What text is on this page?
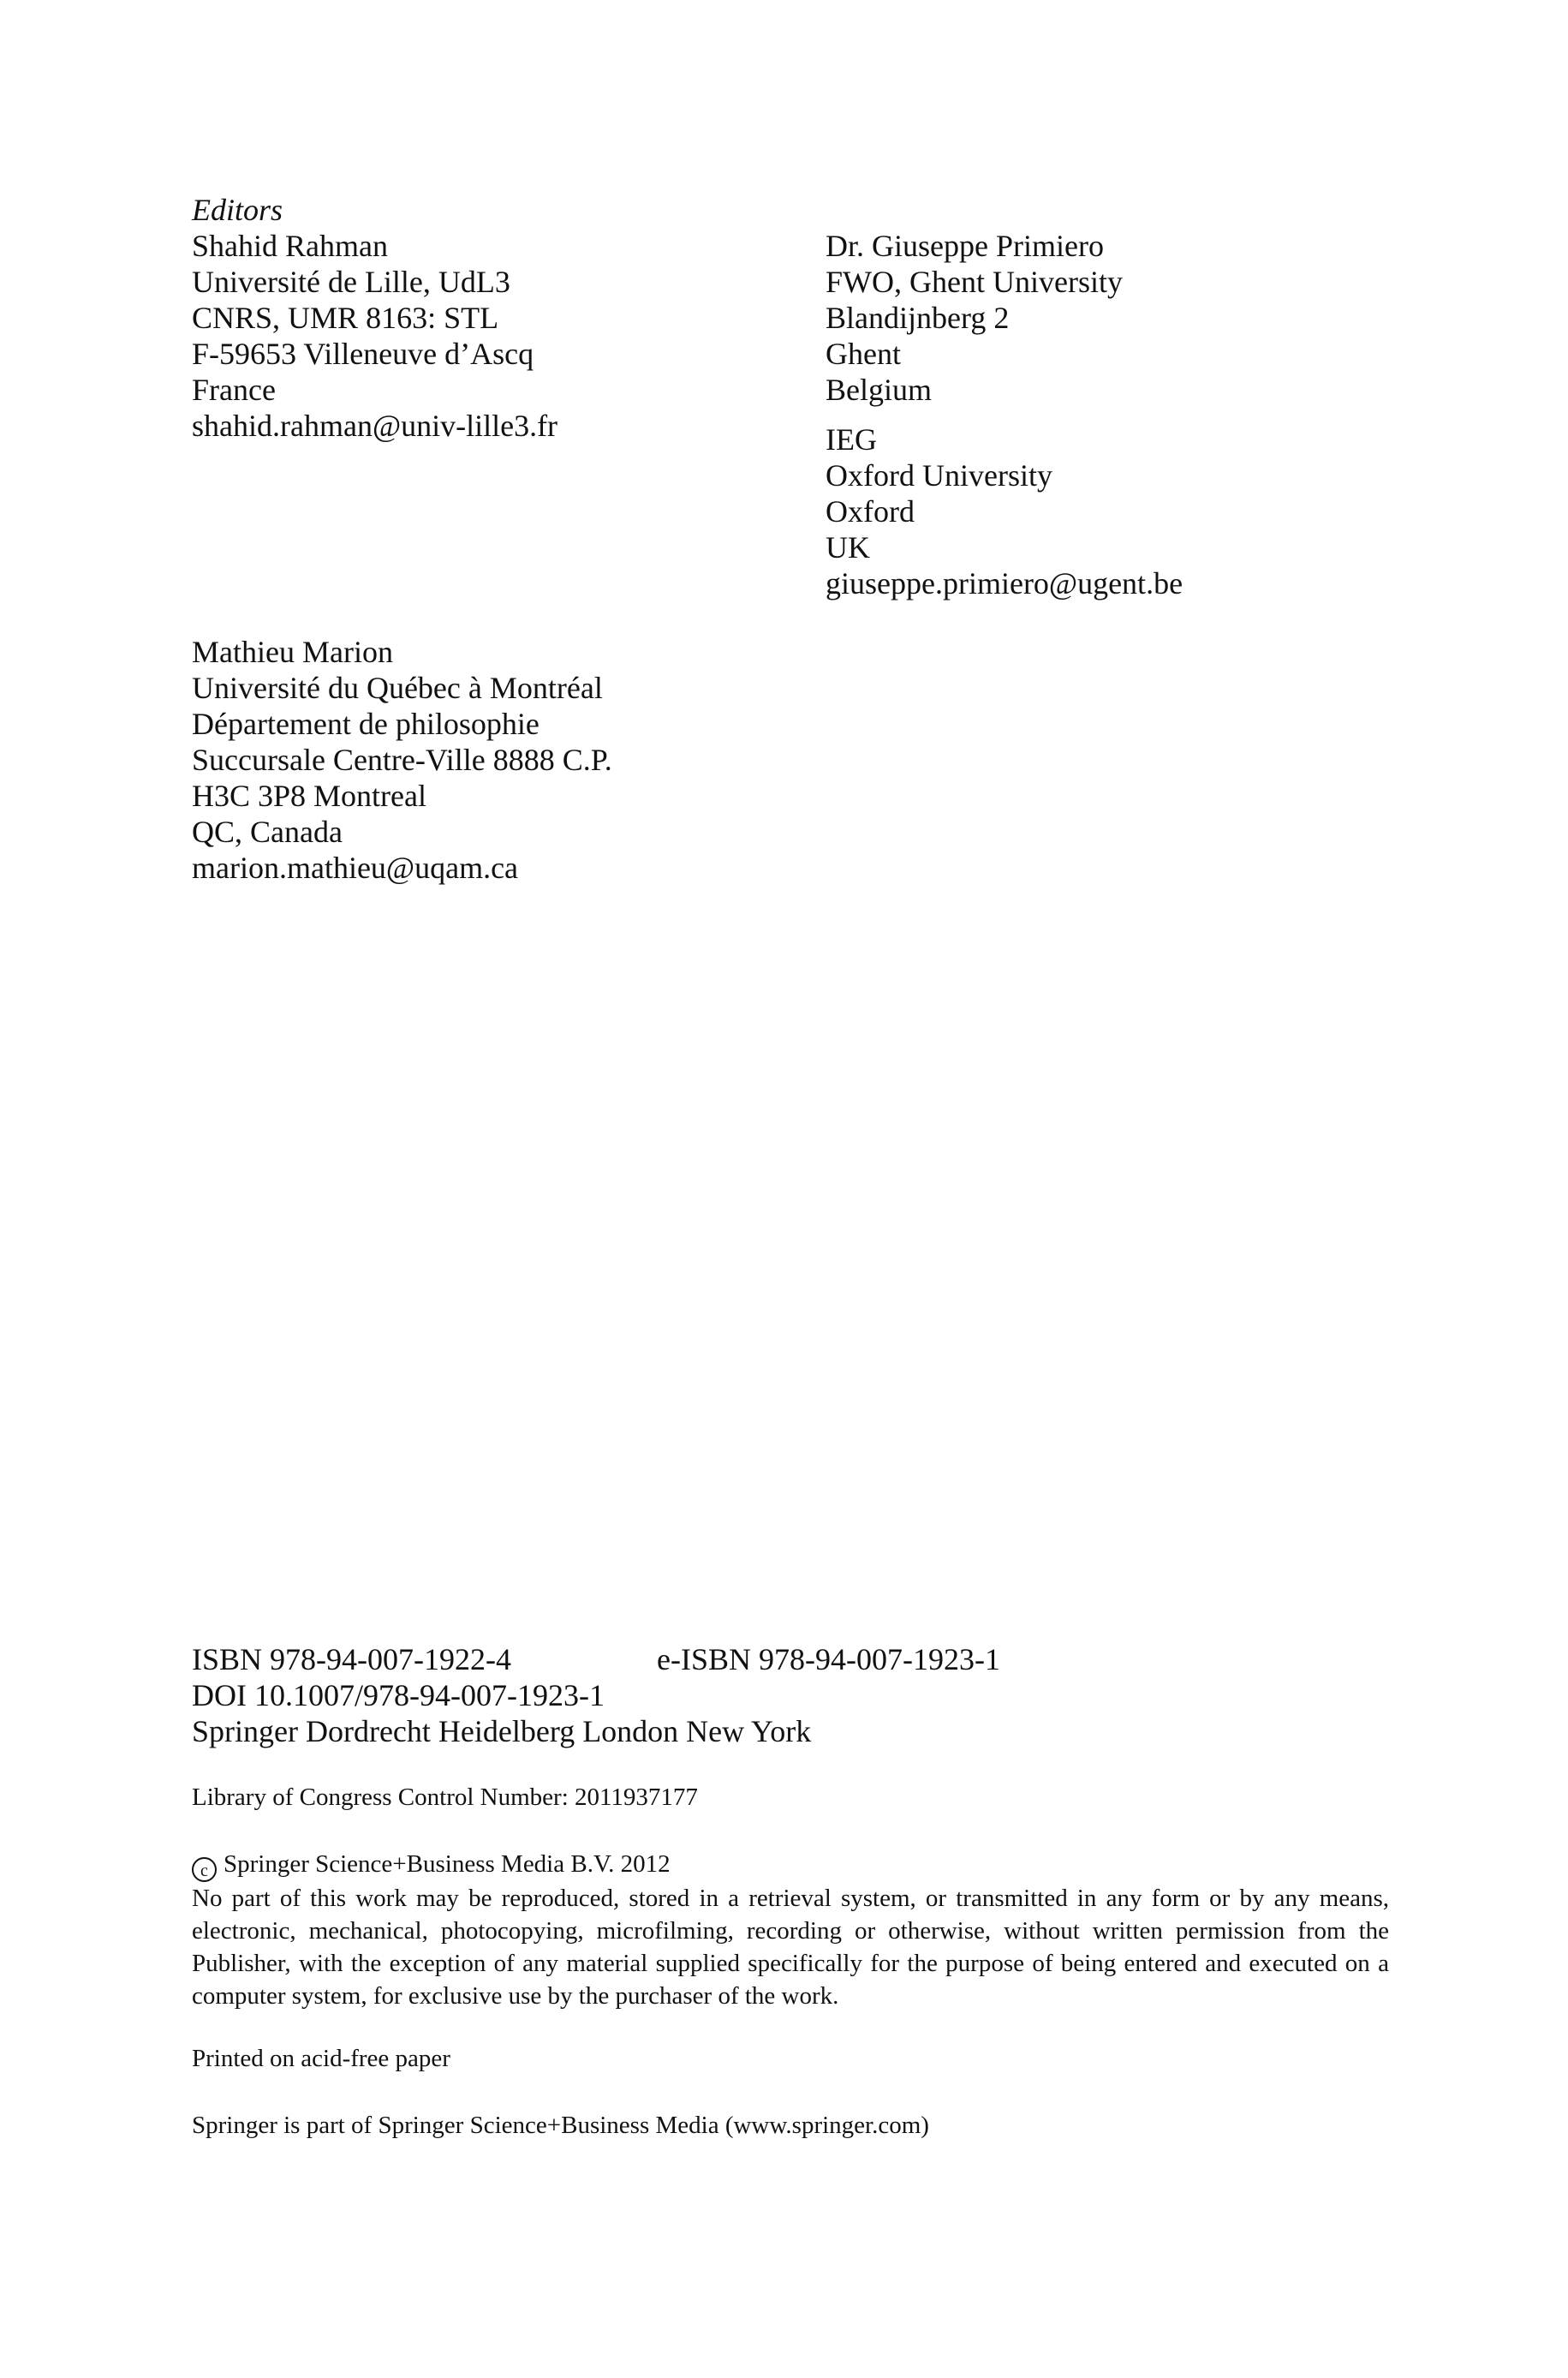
Editors
Shahid Rahman
Université de Lille, UdL3
CNRS, UMR 8163: STL
F-59653 Villeneuve d’Ascq
France
shahid.rahman@univ-lille3.fr
Dr. Giuseppe Primiero
FWO, Ghent University
Blandijnberg 2
Ghent
Belgium
IEG
Oxford University
Oxford
UK
giuseppe.primiero@ugent.be
Mathieu Marion
Université du Québec à Montréal
Département de philosophie
Succursale Centre-Ville 8888 C.P.
H3C 3P8 Montreal
QC, Canada
marion.mathieu@uqam.ca
ISBN 978-94-007-1922-4	e-ISBN 978-94-007-1923-1
DOI 10.1007/978-94-007-1923-1
Springer Dordrecht Heidelberg London New York
Library of Congress Control Number: 2011937177
c Springer Science+Business Media B.V. 2012
No part of this work may be reproduced, stored in a retrieval system, or transmitted in any form or by any means, electronic, mechanical, photocopying, microfilming, recording or otherwise, without written permission from the Publisher, with the exception of any material supplied specifically for the purpose of being entered and executed on a computer system, for exclusive use by the purchaser of the work.
Printed on acid-free paper
Springer is part of Springer Science+Business Media (www.springer.com)
